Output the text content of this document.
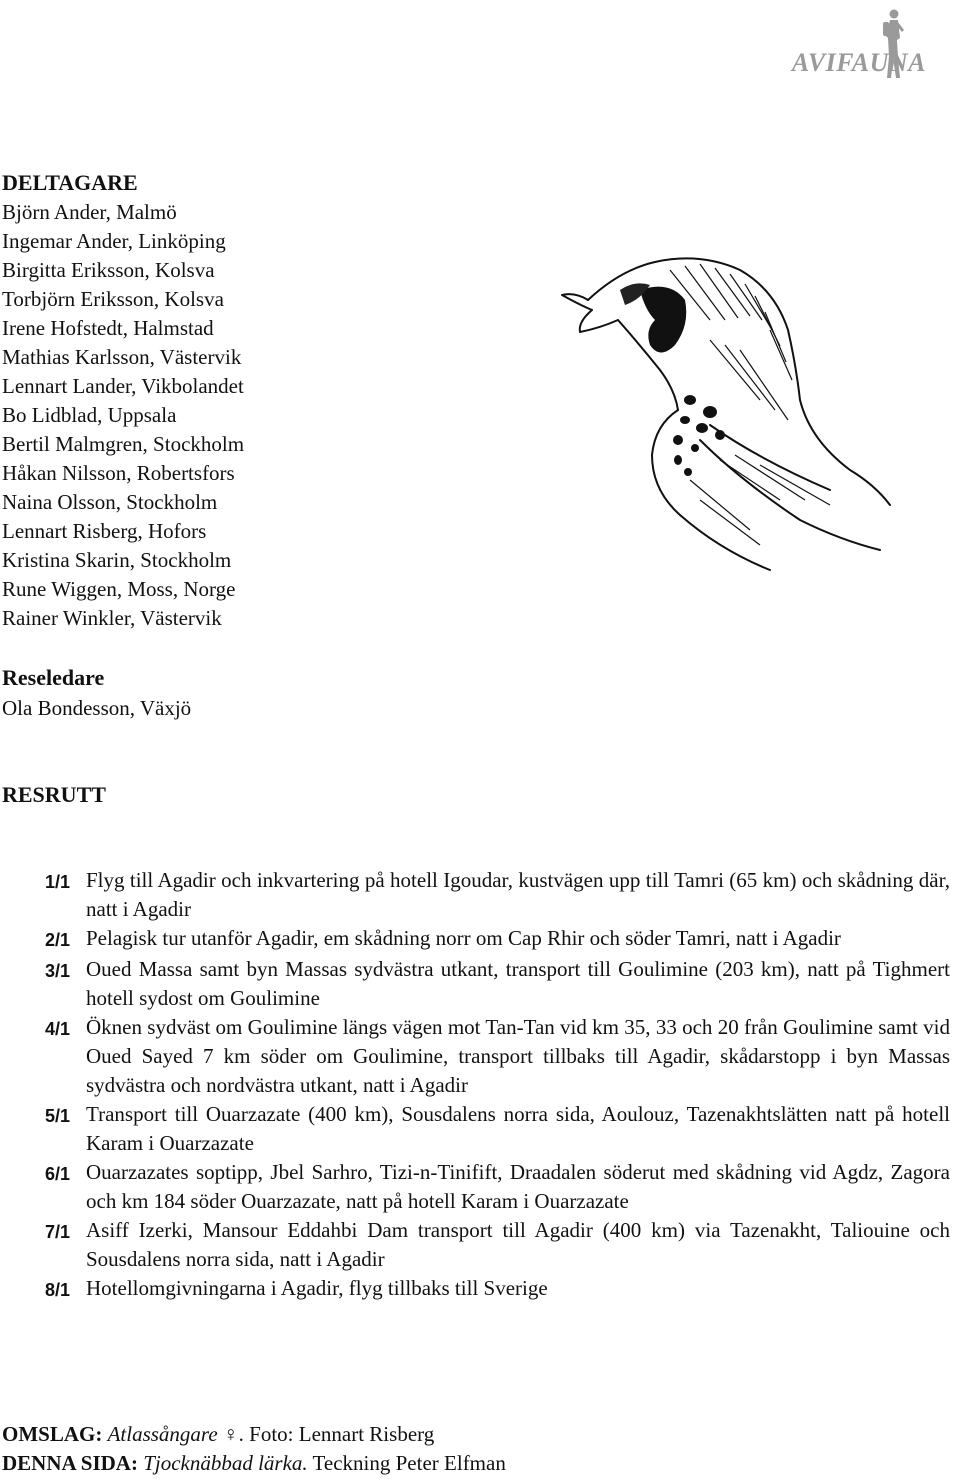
AVIFAUNA
DELTAGARE
Björn Ander, Malmö
Ingemar Ander, Linköping
Birgitta Eriksson, Kolsva
Torbjörn Eriksson, Kolsva
Irene Hofstedt, Halmstad
Mathias Karlsson, Västervik
Lennart Lander, Vikbolandet
Bo Lidblad, Uppsala
Bertil Malmgren, Stockholm
Håkan Nilsson, Robertsfors
Naina Olsson, Stockholm
Lennart Risberg, Hofors
Kristina Skarin, Stockholm
Rune Wiggen, Moss, Norge
Rainer Winkler, Västervik
Reseledare
Ola Bondesson, Växjö
RESRUTT
1/1 Flyg till Agadir och inkvartering på hotell Igoudar, kustvägen upp till Tamri (65 km) och skådning där, natt i Agadir
2/1 Pelagisk tur utanför Agadir, em skådning norr om Cap Rhir och söder Tamri, natt i Agadir
3/1 Oued Massa samt byn Massas sydvästra utkant, transport till Goulimine (203 km), natt på Tighmert hotell sydost om Goulimine
4/1 Öknen sydväst om Goulimine längs vägen mot Tan-Tan vid km 35, 33 och 20 från Goulimine samt vid Oued Sayed 7 km söder om Goulimine, transport tillbaks till Agadir, skådarstopp i byn Massas sydvästra och nordvästra utkant, natt i Agadir
5/1 Transport till Ouarzazate (400 km), Sousdalens norra sida, Aoulouz, Tazenakhtslätten natt på hotell Karam i Ouarzazate
6/1 Ouarzazates soptipp, Jbel Sarhro, Tizi-n-Tinifift, Draadalen söderut med skådning vid Agdz, Zagora och km 184 söder Ouarzazate, natt på hotell Karam i Ouarzazate
7/1 Asiff Izerki, Mansour Eddahbi Dam transport till Agadir (400 km) via Tazenakht, Taliouine och Sousdalens norra sida, natt i Agadir
8/1 Hotellomgivningarna i Agadir, flyg tillbaks till Sverige
OMSLAG: Atlassångare ♀. Foto: Lennart Risberg
DENNA SIDA: Tjocknäbbad lärka. Teckning Peter Elfman
